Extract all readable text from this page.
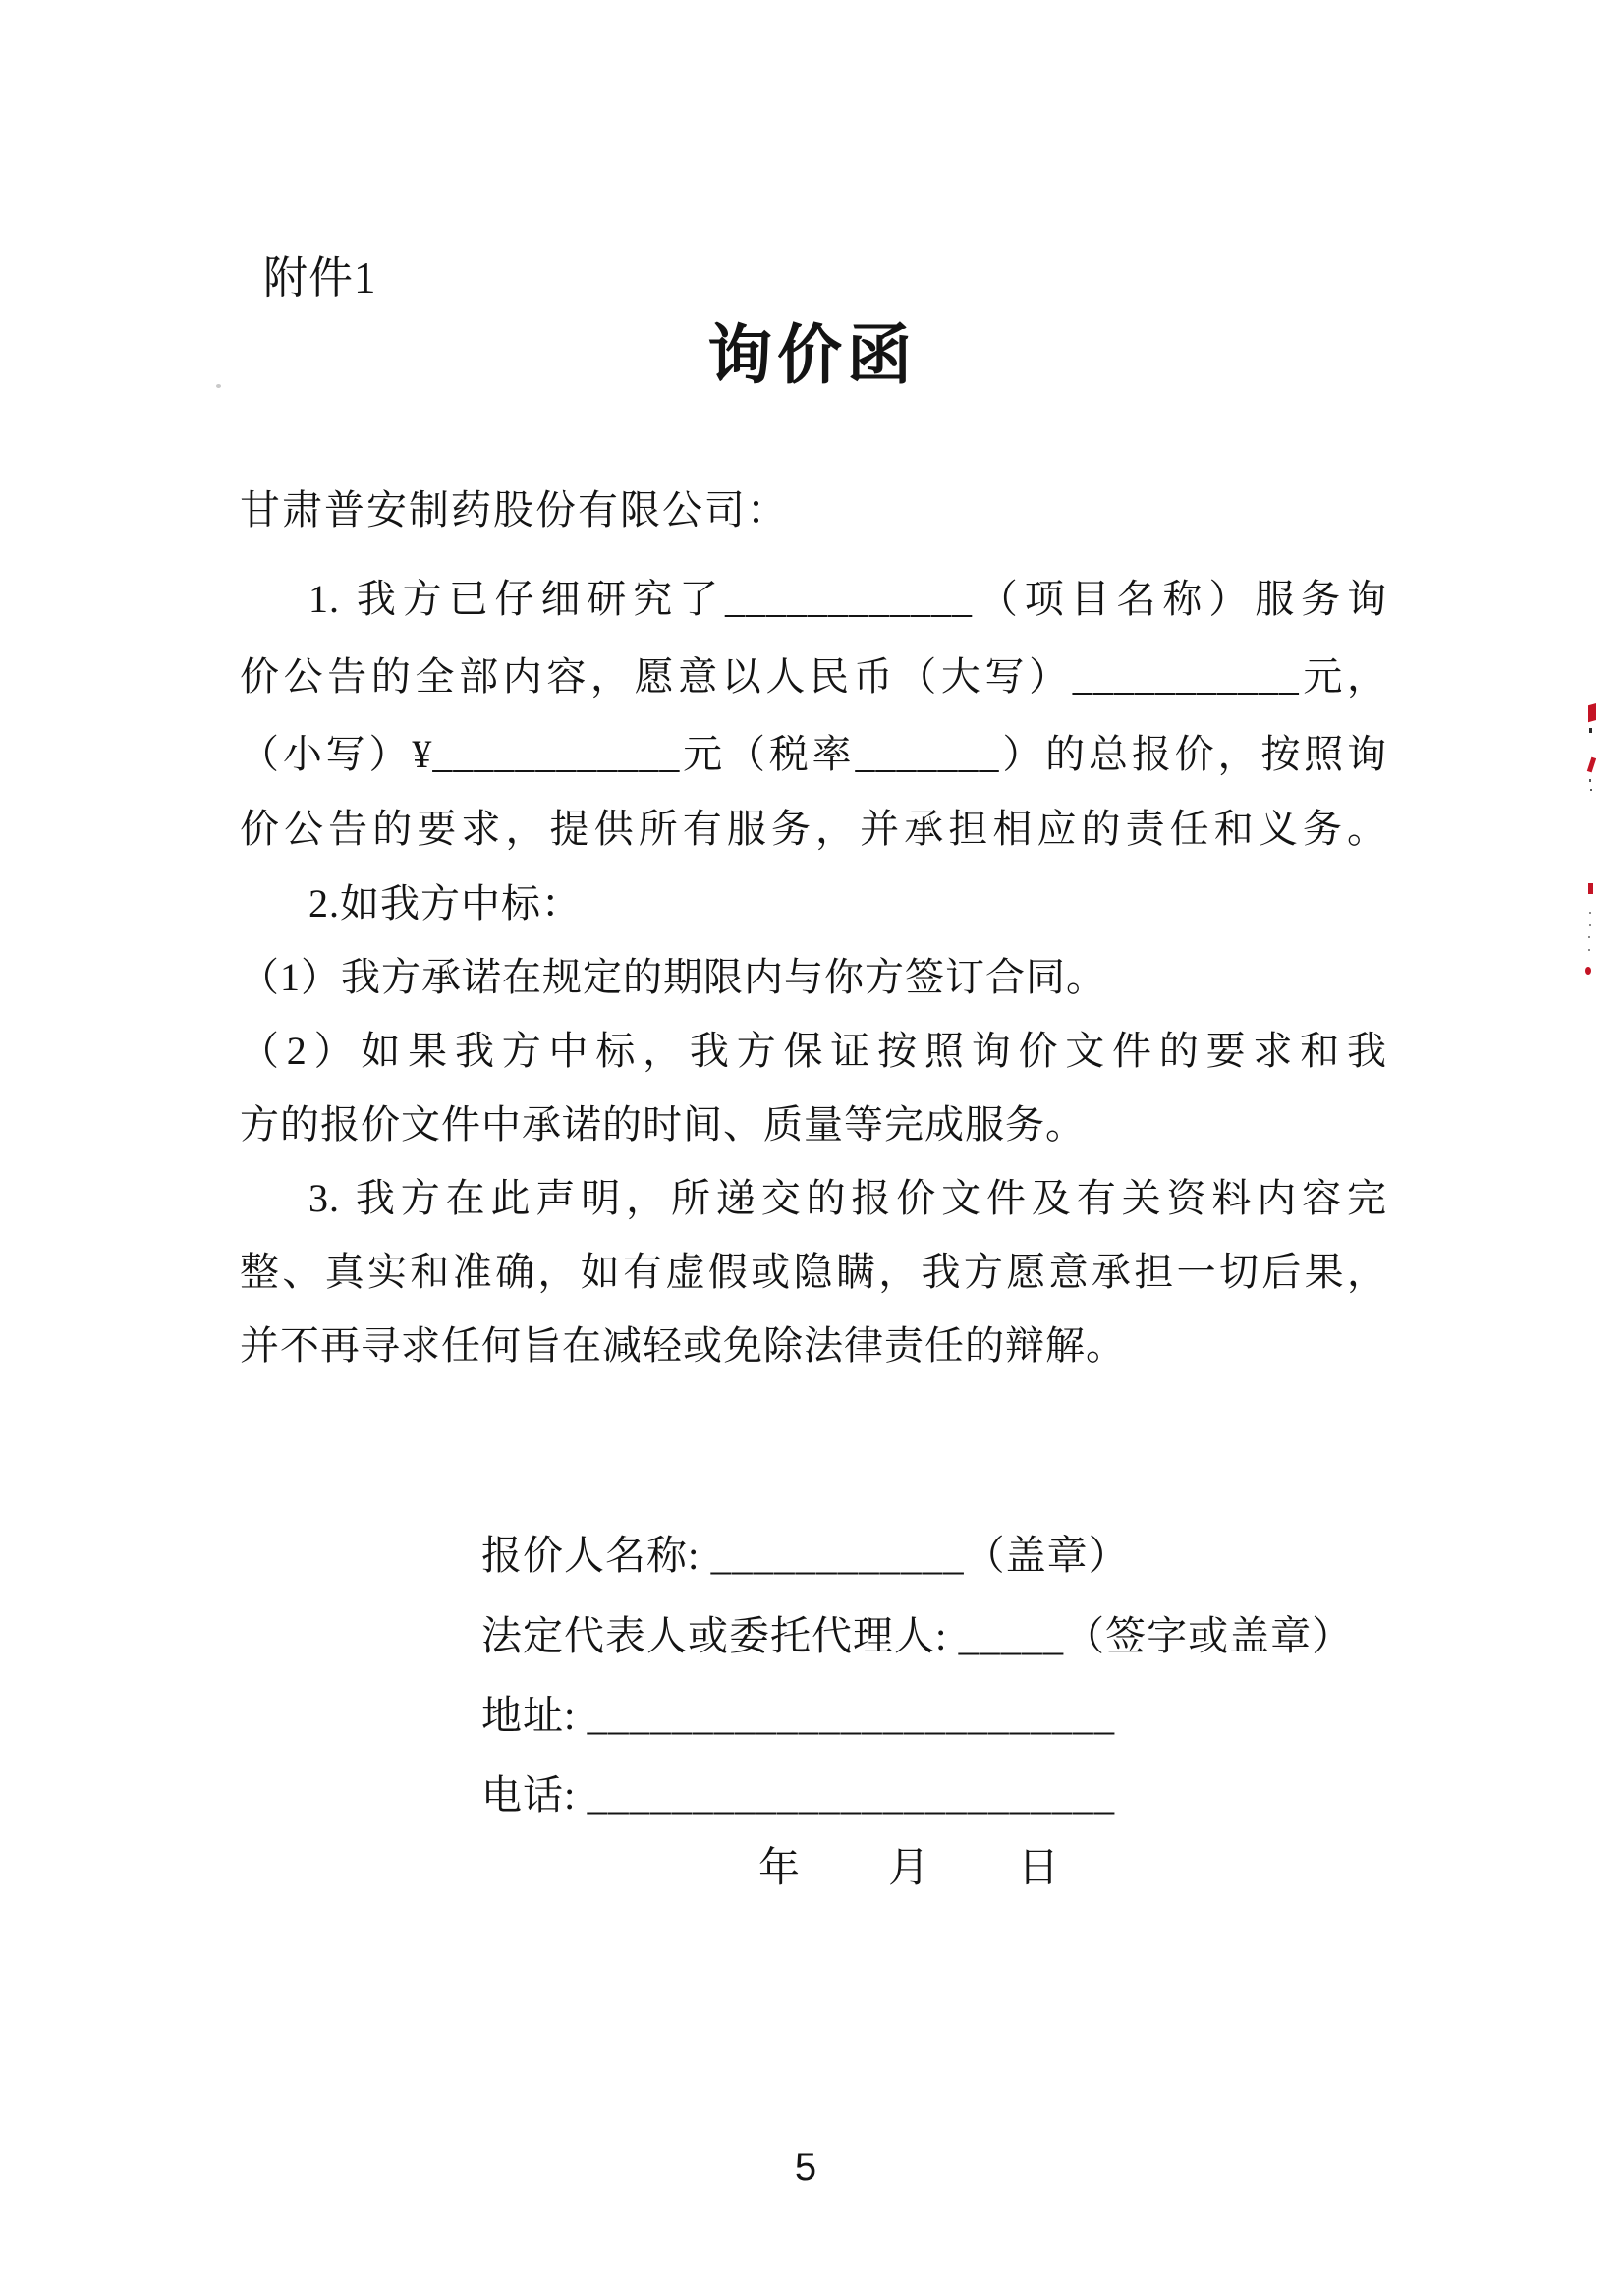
附件1
询价函
甘肃普安制药股份有限公司：
1. 我方已仔细研究了____________（项目名称）服务询
价公告的全部内容，愿意以人民币（大写）___________元，
（小写）¥____________元（税率_______）的总报价，按照询
价公告的要求，提供所有服务，并承担相应的责任和义务。
2.如我方中标：
（1）我方承诺在规定的期限内与你方签订合同。
（2）如果我方中标，我方保证按照询价文件的要求和我
方的报价文件中承诺的时间、质量等完成服务。
3. 我方在此声明，所递交的报价文件及有关资料内容完
整、真实和准确，如有虚假或隐瞒，我方愿意承担一切后果，
并不再寻求任何旨在减轻或免除法律责任的辩解。
报价人名称: ____________（盖章）
法定代表人或委托代理人: _____（签字或盖章）
地址: _________________________
电话: _________________________
年　　月　　日
5
